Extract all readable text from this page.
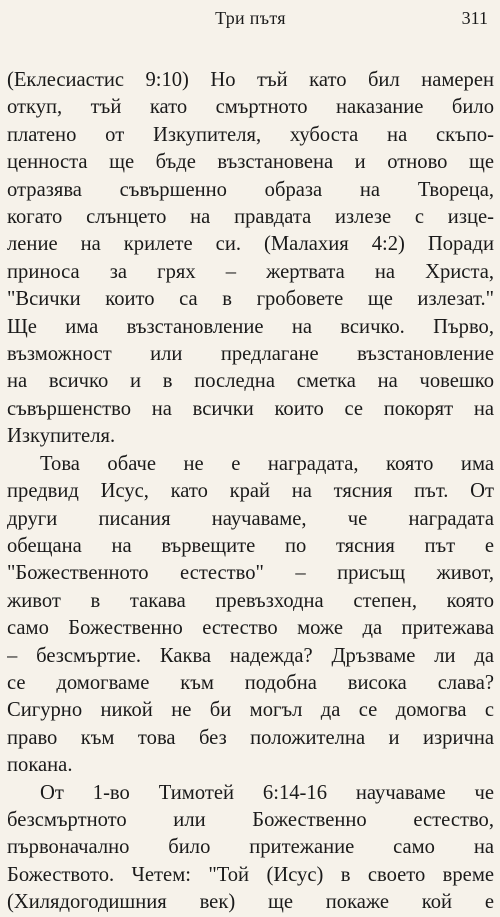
Три пътя	311

(Еклесиастис 9:10) Но тъй като бил намерен
откуп, тъй като смъртното наказание било
платено от Изкупителя, хубоста на скъпо-
ценноста ще бъде възстановена и отново ще
отразява съвършенно образа на Твореца,
когато слънцето на правдата излезе с изце-
ление на крилете си. (Малахия 4:2) Поради
приноса за грях – жертвата на Христа,
"Всички които са в гробовете ще излезат."
Ще има възстановление на всичко. Първо,
възможност или предлагане възстановление
на всичко и в последна сметка на човешко
съвършенство на всички които се покорят на
Изкупителя.

Това обаче не е наградата, която има
предвид Исус, като край на тясния път. От
други писания научаваме, че наградата
обещана на вървещите по тясния път е
"Божественното естество" – присъщ живот,
живот в такава превъзходна степен, която
само Божественно естество може да притежава
– безсмъртие. Каква надежда? Дръзваме ли да
се домогваме към подобна висока слава?
Сигурно никой не би могъл да се домогва с
право към това без положителна и изрична
покана.

От 1-во Тимотей 6:14-16 научаваме че
безсмъртното или Божественно естество,
първоначално било притежание само на
Божеството. Четем: "Той (Исус) в своето време
(Хилядогодишния век) ще покаже кой е
